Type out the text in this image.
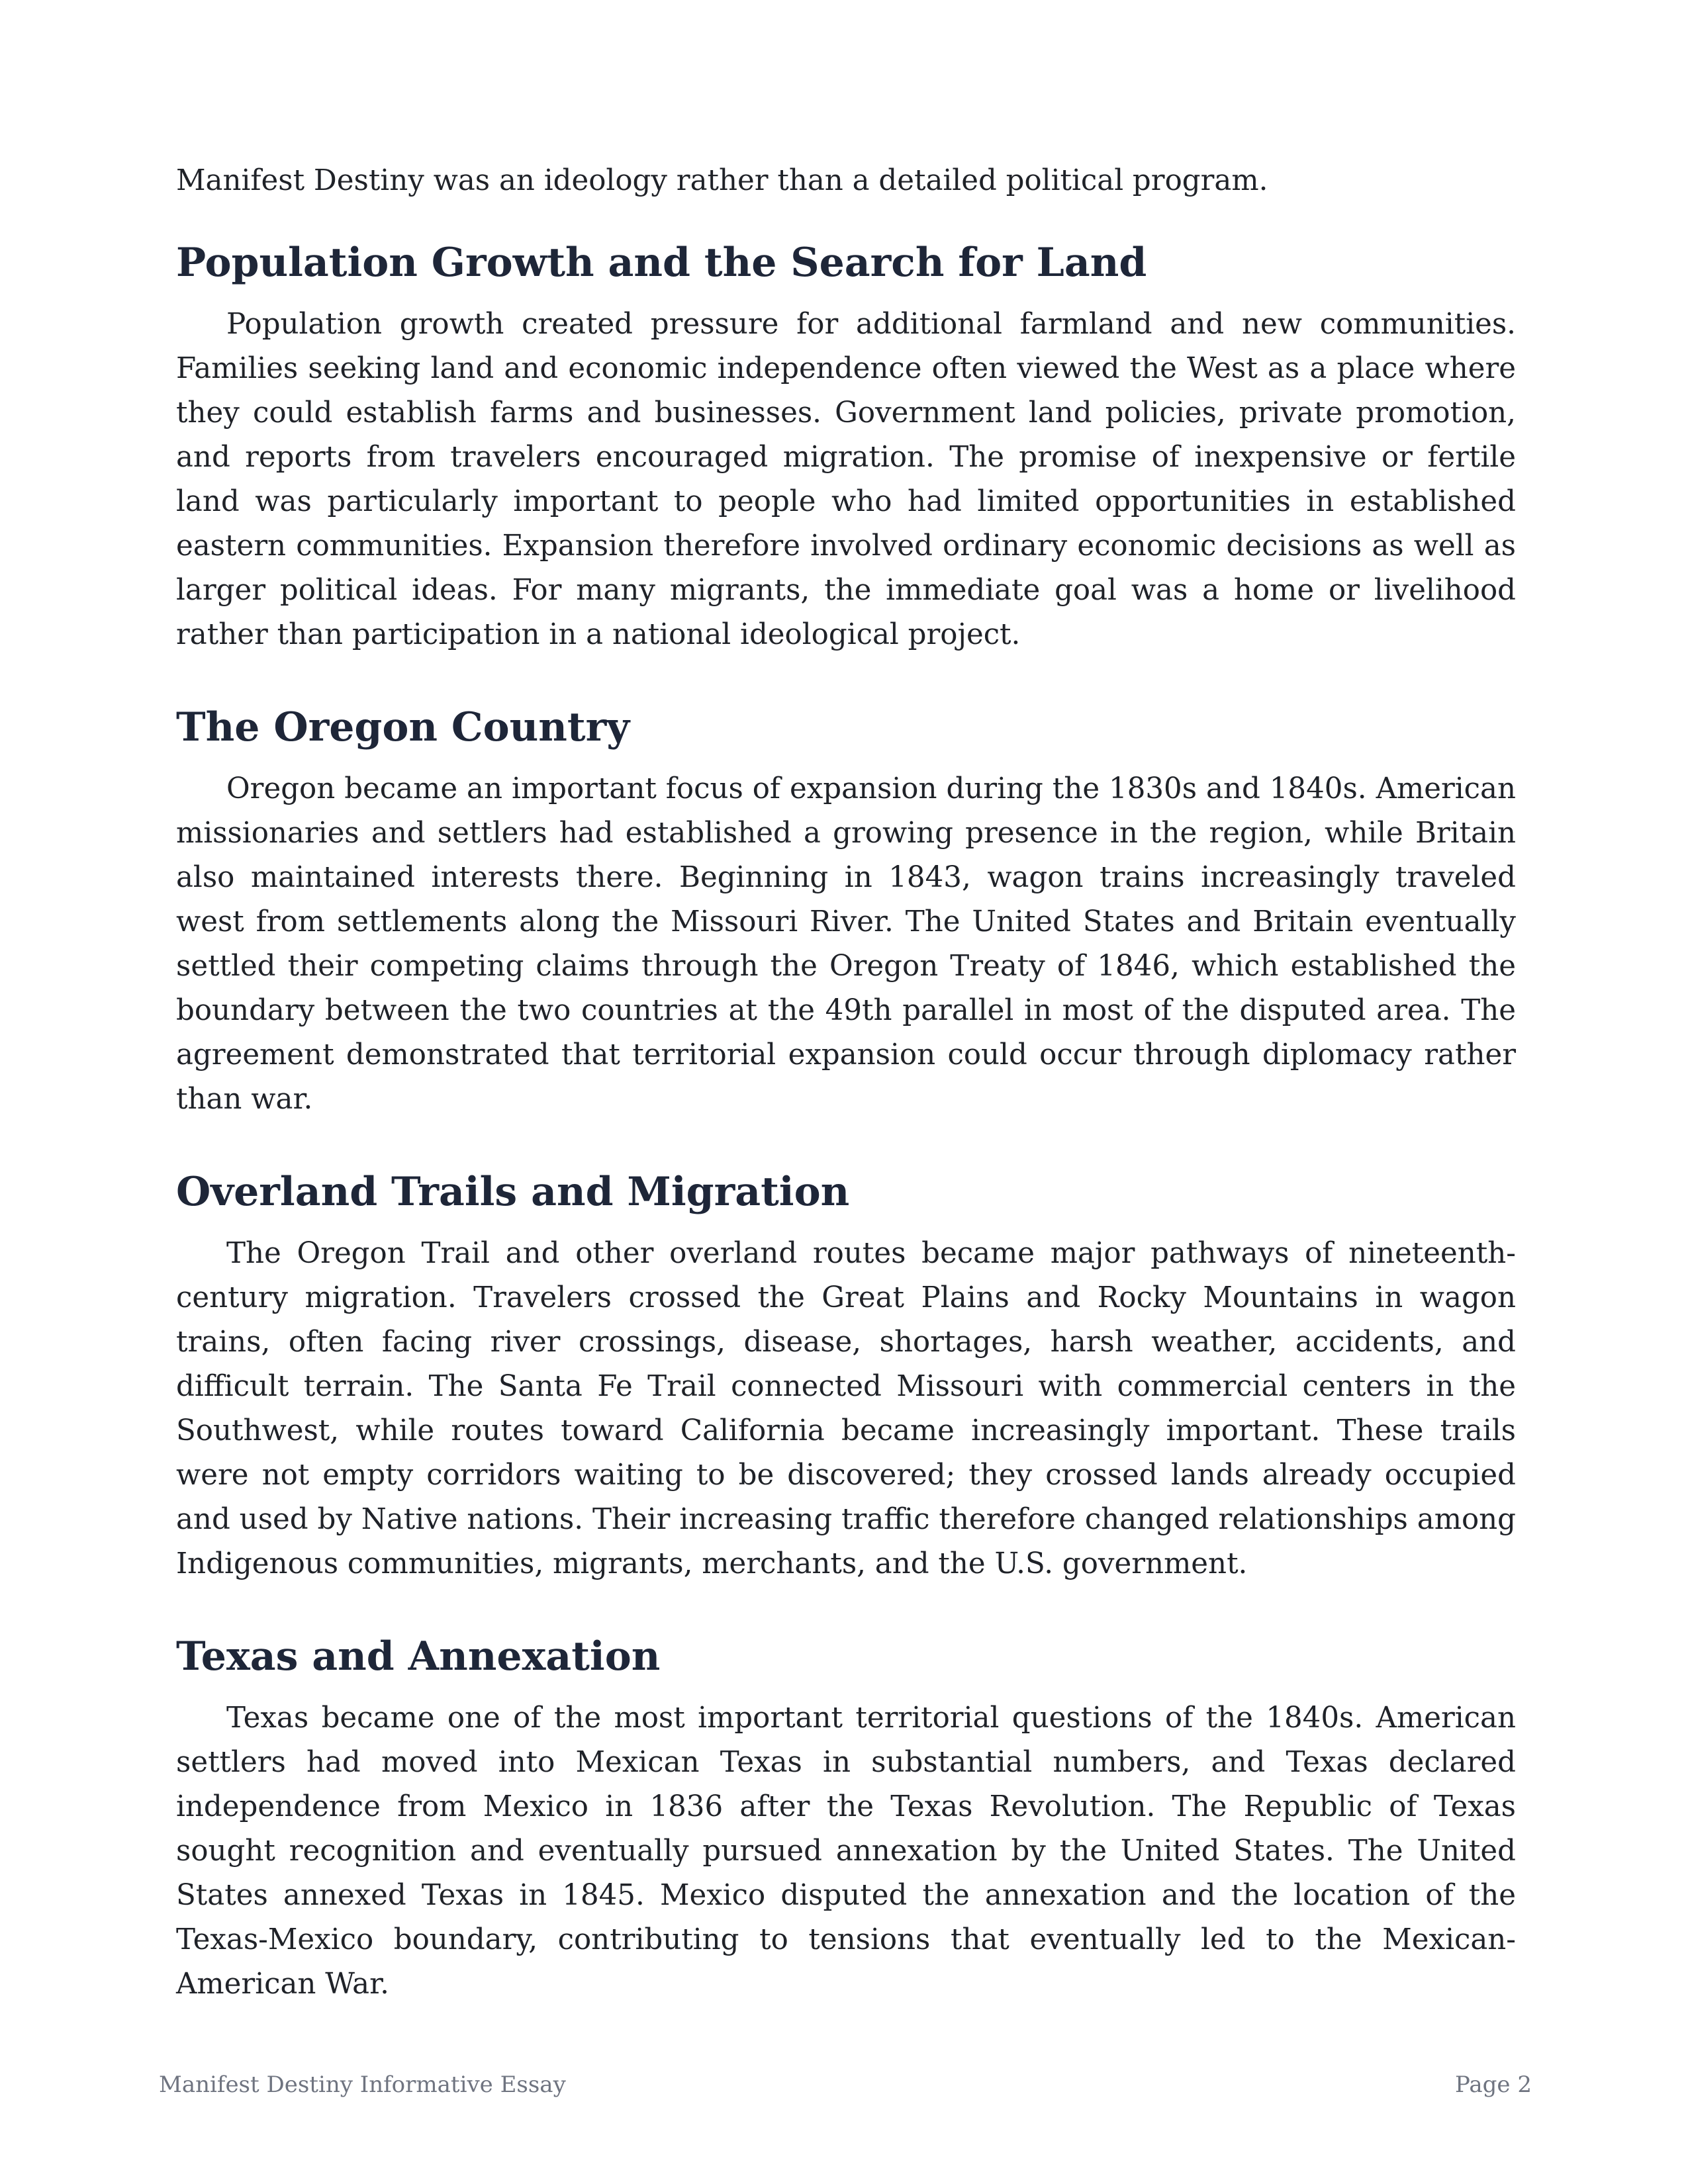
Manifest Destiny was an ideology rather than a detailed political program.

Population Growth and the Search for Land

Population growth created pressure for additional farmland and new communities. Families seeking land and economic independence often viewed the West as a place where they could establish farms and businesses. Government land policies, private promotion, and reports from travelers encouraged migration. The promise of inexpensive or fertile land was particularly important to people who had limited opportunities in established eastern communities. Expansion therefore involved ordinary economic decisions as well as larger political ideas. For many migrants, the immediate goal was a home or livelihood rather than participation in a national ideological project.

The Oregon Country

Oregon became an important focus of expansion during the 1830s and 1840s. American missionaries and settlers had established a growing presence in the region, while Britain also maintained interests there. Beginning in 1843, wagon trains increasingly traveled west from settlements along the Missouri River. The United States and Britain eventually settled their competing claims through the Oregon Treaty of 1846, which established the boundary between the two countries at the 49th parallel in most of the disputed area. The agreement demonstrated that territorial expansion could occur through diplomacy rather than war.

Overland Trails and Migration

The Oregon Trail and other overland routes became major pathways of nineteenth-century migration. Travelers crossed the Great Plains and Rocky Mountains in wagon trains, often facing river crossings, disease, shortages, harsh weather, accidents, and difficult terrain. The Santa Fe Trail connected Missouri with commercial centers in the Southwest, while routes toward California became increasingly important. These trails were not empty corridors waiting to be discovered; they crossed lands already occupied and used by Native nations. Their increasing traffic therefore changed relationships among Indigenous communities, migrants, merchants, and the U.S. government.

Texas and Annexation

Texas became one of the most important territorial questions of the 1840s. American settlers had moved into Mexican Texas in substantial numbers, and Texas declared independence from Mexico in 1836 after the Texas Revolution. The Republic of Texas sought recognition and eventually pursued annexation by the United States. The United States annexed Texas in 1845. Mexico disputed the annexation and the location of the Texas-Mexico boundary, contributing to tensions that eventually led to the Mexican-American War.

Manifest Destiny Informative Essay	Page 2
